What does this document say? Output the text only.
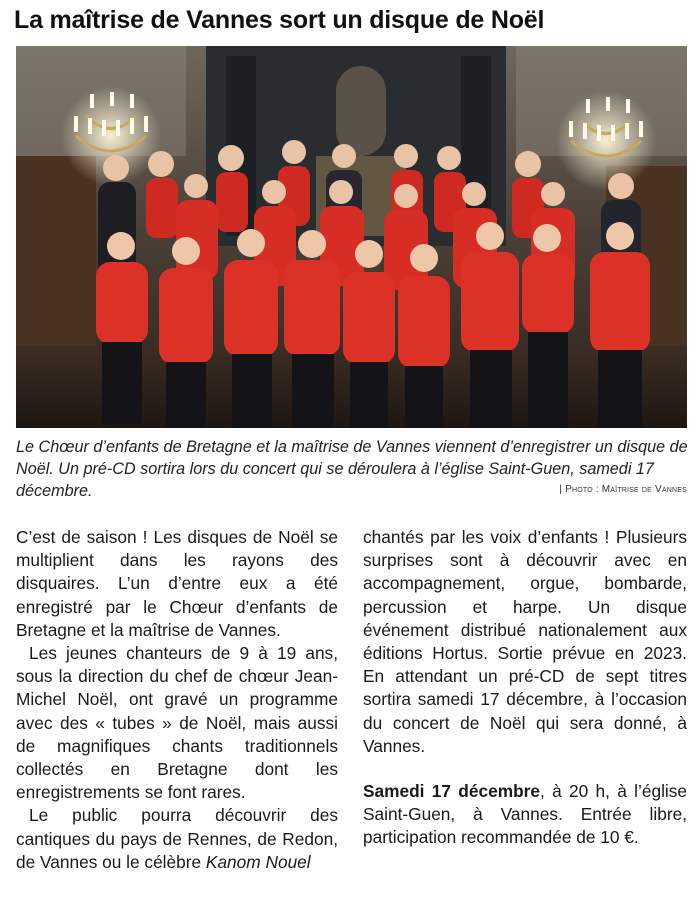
La maîtrise de Vannes sort un disque de Noël
Le Chœur d’enfants de Bretagne et la maîtrise de Vannes viennent d’enregistrer un disque de Noël. Un pré-CD sortira lors du concert qui se déroulera à l’église Saint-Guen, samedi 17 décembre.	| Photo : Maîtrise de Vannes

C’est de saison ! Les disques de Noël se multiplient dans les rayons des disquaires. L’un d’entre eux a été enregistré par le Chœur d’enfants de Bretagne et la maîtrise de Vannes.

Les jeunes chanteurs de 9 à 19 ans, sous la direction du chef de chœur Jean-Michel Noël, ont gravé un programme avec des « tubes » de Noël, mais aussi de magnifiques chants traditionnels collectés en Bretagne dont les enregistrements se font rares.

Le public pourra découvrir des cantiques du pays de Rennes, de Redon, de Vannes ou le célèbre Kanom Nouel

chantés par les voix d’enfants ! Plusieurs surprises sont à découvrir avec en accompagnement, orgue, bombarde, percussion et harpe. Un disque événement distribué nationalement aux éditions Hortus. Sortie prévue en 2023. En attendant un pré-CD de sept titres sortira samedi 17 décembre, à l’occasion du concert de Noël qui sera donné, à Vannes.

Samedi 17 décembre, à 20 h, à l’église Saint-Guen, à Vannes. Entrée libre, participation recommandée de 10 €.
